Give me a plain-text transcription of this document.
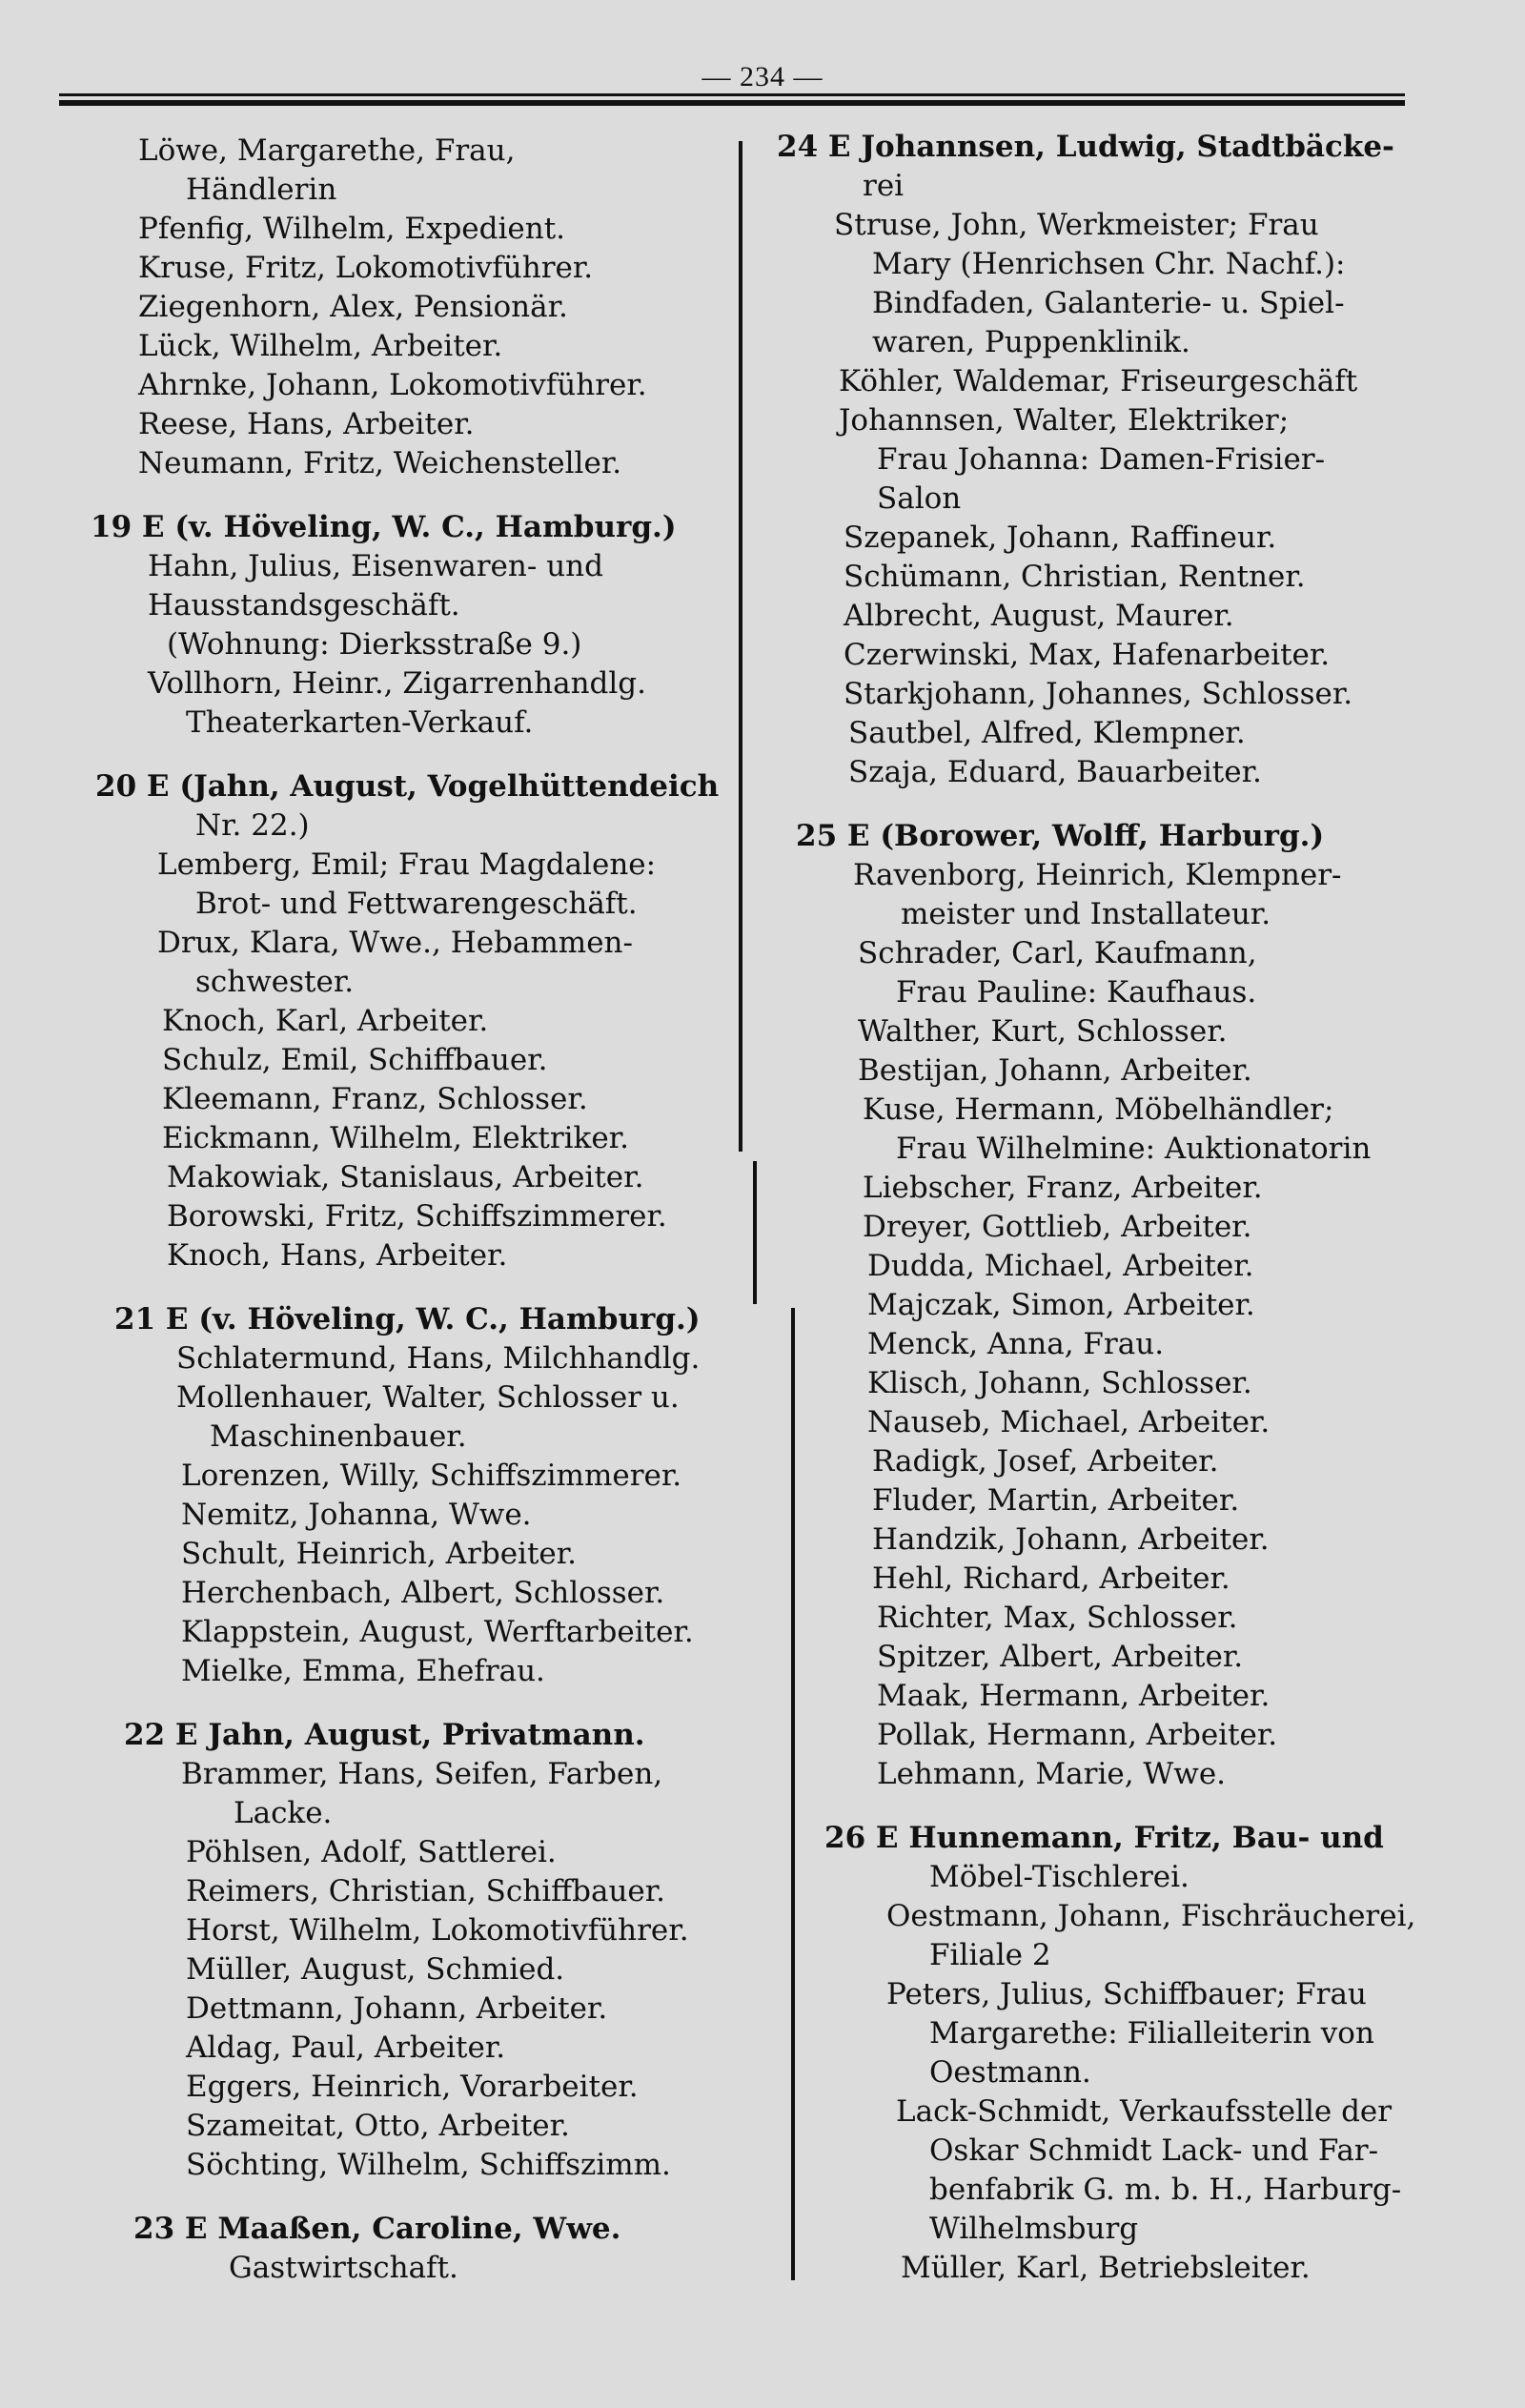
— 234 —
Löwe, Margarethe, Frau,
Händlerin
Pfenfig, Wilhelm, Expedient.
Kruse, Fritz, Lokomotivführer.
Ziegenhorn, Alex, Pensionär.
Lück, Wilhelm, Arbeiter.
Ahrnke, Johann, Lokomotivführer.
Reese, Hans, Arbeiter.
Neumann, Fritz, Weichensteller.
19 E (v. Höveling, W. C., Hamburg.)
Hahn, Julius, Eisenwaren- und
Hausstandsgeschäft.
(Wohnung: Dierksstraße 9.)
Vollhorn, Heinr., Zigarrenhandlg.
Theaterkarten-Verkauf.
20 E (Jahn, August, Vogelhüttendeich
Nr. 22.)
Lemberg, Emil; Frau Magdalene:
Brot- und Fettwarengeschäft.
Drux, Klara, Wwe., Hebammen-
schwester.
Knoch, Karl, Arbeiter.
Schulz, Emil, Schiffbauer.
Kleemann, Franz, Schlosser.
Eickmann, Wilhelm, Elektriker.
Makowiak, Stanislaus, Arbeiter.
Borowski, Fritz, Schiffszimmerer.
Knoch, Hans, Arbeiter.
21 E (v. Höveling, W. C., Hamburg.)
Schlatermund, Hans, Milchhandlg.
Mollenhauer, Walter, Schlosser u.
Maschinenbauer.
Lorenzen, Willy, Schiffszimmerer.
Nemitz, Johanna, Wwe.
Schult, Heinrich, Arbeiter.
Herchenbach, Albert, Schlosser.
Klappstein, August, Werftarbeiter.
Mielke, Emma, Ehefrau.
22 E Jahn, August, Privatmann.
Brammer, Hans, Seifen, Farben,
Lacke.
Pöhlsen, Adolf, Sattlerei.
Reimers, Christian, Schiffbauer.
Horst, Wilhelm, Lokomotivführer.
Müller, August, Schmied.
Dettmann, Johann, Arbeiter.
Aldag, Paul, Arbeiter.
Eggers, Heinrich, Vorarbeiter.
Szameitat, Otto, Arbeiter.
Söchting, Wilhelm, Schiffszimm.
23 E Maaßen, Caroline, Wwe.
Gastwirtschaft.
24 E Johannsen, Ludwig, Stadtbäcke-
rei
Struse, John, Werkmeister; Frau
Mary (Henrichsen Chr. Nachf.):
Bindfaden, Galanterie- u. Spiel-
waren, Puppenklinik.
Köhler, Waldemar, Friseurgeschäft
Johannsen, Walter, Elektriker;
Frau Johanna: Damen-Frisier-
Salon
Szepanek, Johann, Raffineur.
Schümann, Christian, Rentner.
Albrecht, August, Maurer.
Czerwinski, Max, Hafenarbeiter.
Starkjohann, Johannes, Schlosser.
Sautbel, Alfred, Klempner.
Szaja, Eduard, Bauarbeiter.
25 E (Borower, Wolff, Harburg.)
Ravenborg, Heinrich, Klempner-
meister und Installateur.
Schrader, Carl, Kaufmann,
Frau Pauline: Kaufhaus.
Walther, Kurt, Schlosser.
Bestijan, Johann, Arbeiter.
Kuse, Hermann, Möbelhändler;
Frau Wilhelmine: Auktionatorin
Liebscher, Franz, Arbeiter.
Dreyer, Gottlieb, Arbeiter.
Dudda, Michael, Arbeiter.
Majczak, Simon, Arbeiter.
Menck, Anna, Frau.
Klisch, Johann, Schlosser.
Nauseb, Michael, Arbeiter.
Radigk, Josef, Arbeiter.
Fluder, Martin, Arbeiter.
Handzik, Johann, Arbeiter.
Hehl, Richard, Arbeiter.
Richter, Max, Schlosser.
Spitzer, Albert, Arbeiter.
Maak, Hermann, Arbeiter.
Pollak, Hermann, Arbeiter.
Lehmann, Marie, Wwe.
26 E Hunnemann, Fritz, Bau- und
Möbel-Tischlerei.
Oestmann, Johann, Fischräucherei,
Filiale 2
Peters, Julius, Schiffbauer; Frau
Margarethe: Filialleiterin von
Oestmann.
Lack-Schmidt, Verkaufsstelle der
Oskar Schmidt Lack- und Far-
benfabrik G. m. b. H., Harburg-
Wilhelmsburg
Müller, Karl, Betriebsleiter.
